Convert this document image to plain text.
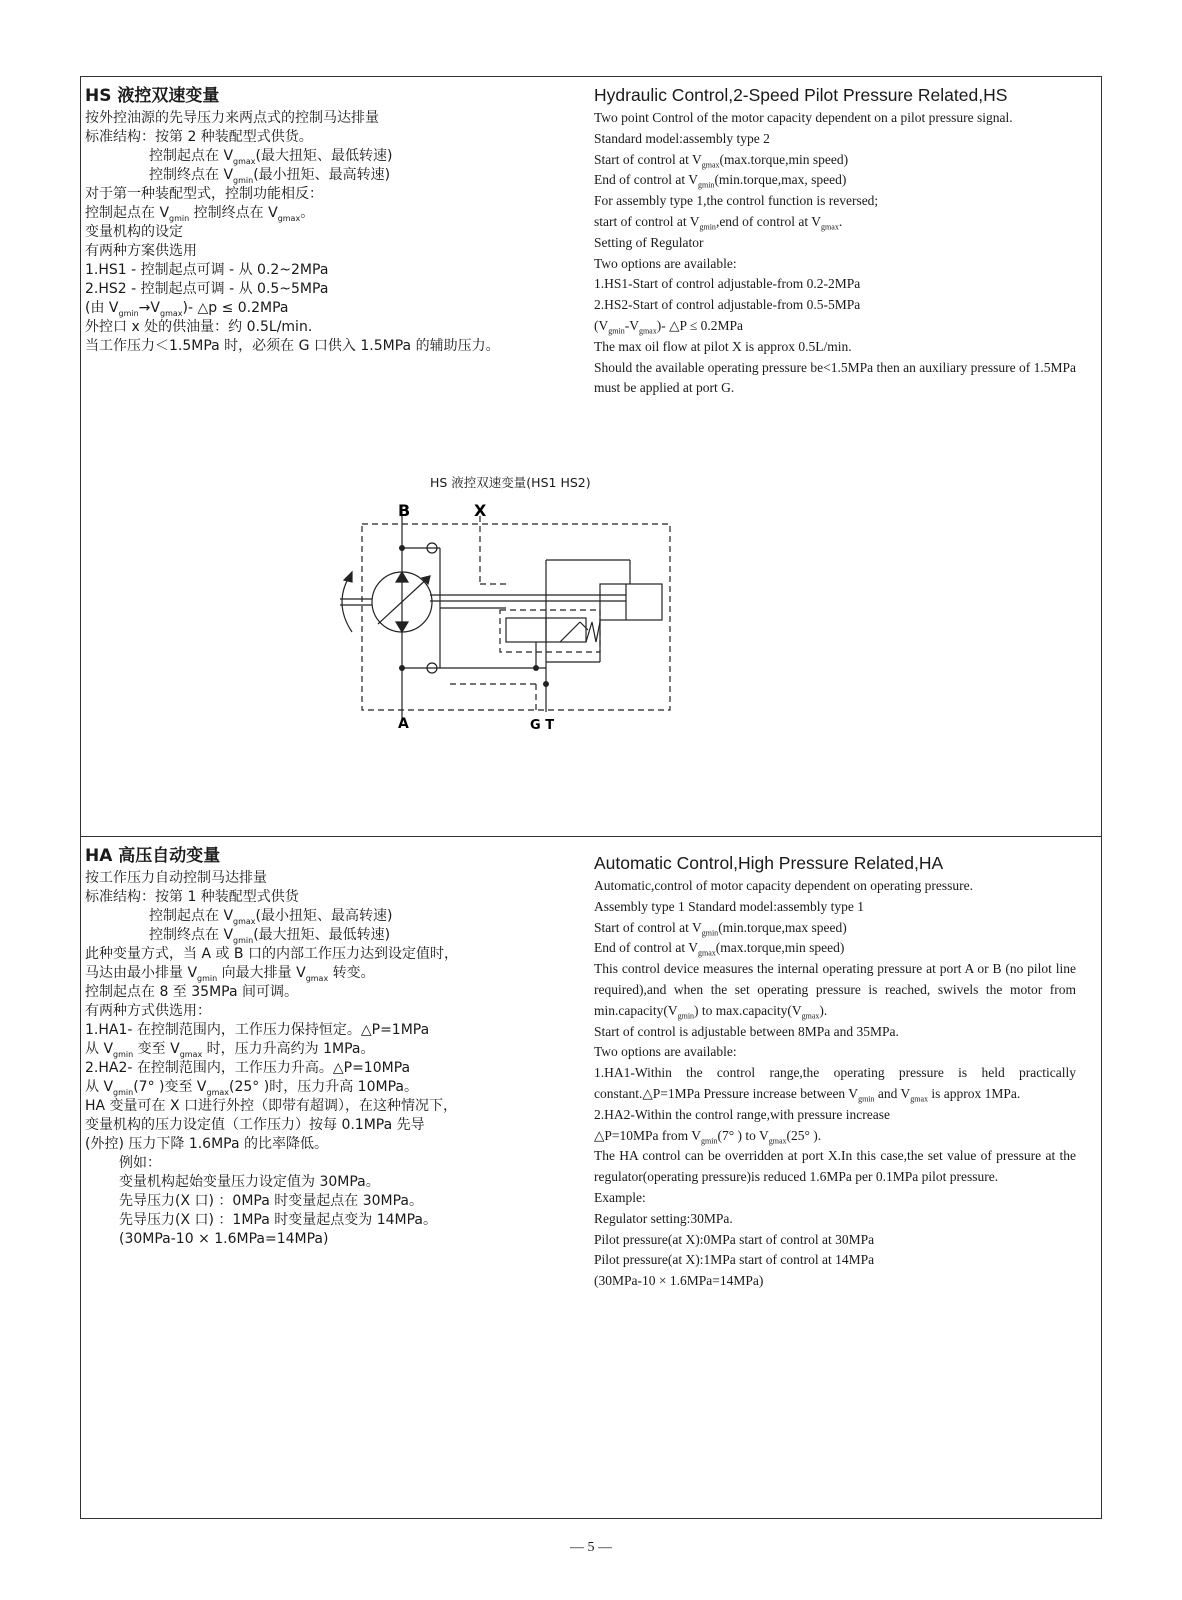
HS 液控双速变量
按外控油源的先导压力来两点式的控制马达排量
标准结构：按第 2 种装配型式供货。
控制起点在 $V_{gmax}$(最大扭矩、最低转速)
控制终点在 $V_{gmin}$(最小扭矩、最高转速)
对于第一种装配型式，控制功能相反：
控制起点在 $V_{gmin}$ 控制终点在 $V_{gmax}$。
变量机构的设定
有两种方案供选用
1.HS1 - 控制起点可调 - 从 0.2~2MPa
2.HS2 - 控制起点可调 - 从 0.5~5MPa
(由 $V_{gmin}\to V_{gmax})-$ △p ≤ 0.2MPa
外控口 x 处的供油量：约 0.5L/min.
当工作压力＜1.5MPa 时，必须在 G 口供入 1.5MPa 的辅助压力。
Hydraulic Control,2-Speed Pilot Pressure Related,HS
Two point Control of the motor capacity dependent on a pilot pressure signal.
Standard model:assembly type 2
Start of control at $V_{gmax}(\max.torque,\min$ speed)
End of control at $V_{gmin}(\min.torque,\max$, speed)
For assembly type 1,the control function is reversed;
start of control at $V_{gmin},end$ of control at $V_{gmax}$.
Setting of Regulator
Two options are available:
1.HS1-Start of control adjustable-from 0.2-2MPa
2.HS2-Start of control adjustable-from 0.5-5MPa
$(V_{gmin}-V_{gmax})-$ △P ≤ 0.2MPa
The max oil flow at pilot X is approx 0.5L/min.
Should the available operating pressure be<1.5MPa then an auxiliary pressure of 1.5MPa must be applied at port G.
HS 液控双速变量(HS1 HS2)
B	X
A	G T
HA 高压自动变量
按工作压力自动控制马达排量
标准结构：按第 1 种装配型式供货
控制起点在 $V_{gmax}$(最小扭矩、最高转速)
控制终点在 $V_{gmin}$(最大扭矩、最低转速)
此种变量方式，当 A 或 B 口的内部工作压力达到设定值时，
马达由最小排量 $V_{gmin}$ 向最大排量 $V_{gmax}$ 转变。
控制起点在 8 至 35MPa 间可调。
有两种方式供选用：
1.HA1- 在控制范围内，工作压力保持恒定。△P=1MPa
从 $V_{gmin}$ 变至 $V_{gmax}$ 时，压力升高约为 1MPa。
2.HA2- 在控制范围内，工作压力升高。△P=10MPa
从 $V_{gmin}(7^\circ$ )变至 $V_{gmax}(25^\circ$ )时，压力升高 10MPa。
HA 变量可在 X 口进行外控（即带有超调），在这种情况下，
变量机构的压力设定值（工作压力）按每 0.1MPa 先导
(外控) 压力下降 1.6MPa 的比率降低。
例如：
变量机构起始变量压力设定值为 30MPa。
先导压力(X 口) ：0MPa 时变量起点在 30MPa。
先导压力(X 口) ：1MPa 时变量起点变为 14MPa。
(30MPa-10 × 1.6MPa=14MPa)
Automatic Control,High Pressure Related,HA
Automatic,control of motor capacity dependent on operating pressure.
Assembly type 1 Standard model:assembly type 1
Start of control at $V_{gmin}(\min.torque,\max$ speed)
End of control at $V_{gmax}(\max.torque,\min$ speed)
This control device measures the internal operating pressure at port A or B (no pilot line required),and when the set operating pressure is reached, swivels the motor from $\min.capacity(V_{gmin})$ to $\max.capacity(V_{gmax})$.
Start of control is adjustable between 8MPa and 35MPa.
Two options are available:
1.HA1-Within the control range,the operating pressure is held practically constant.△P=1MPa Pressure increase between $V_{gmin}$ and $V_{gmax}$ is approx 1MPa.
2.HA2-Within the control range,with pressure increase
△P=10MPa from $V_{gmin}(7^\circ$ ) to $V_{gmax}(25^\circ$ ).
The HA control can be overridden at port X.In this case,the set value of pressure at the regulator(operating pressure)is reduced 1.6MPa per 0.1MPa pilot pressure.
Example:
Regulator setting:30MPa.
Pilot pressure(at X):0MPa start of control at 30MPa
Pilot pressure(at X):1MPa start of control at 14MPa
(30MPa-10 × 1.6MPa=14MPa)
— 5 —
